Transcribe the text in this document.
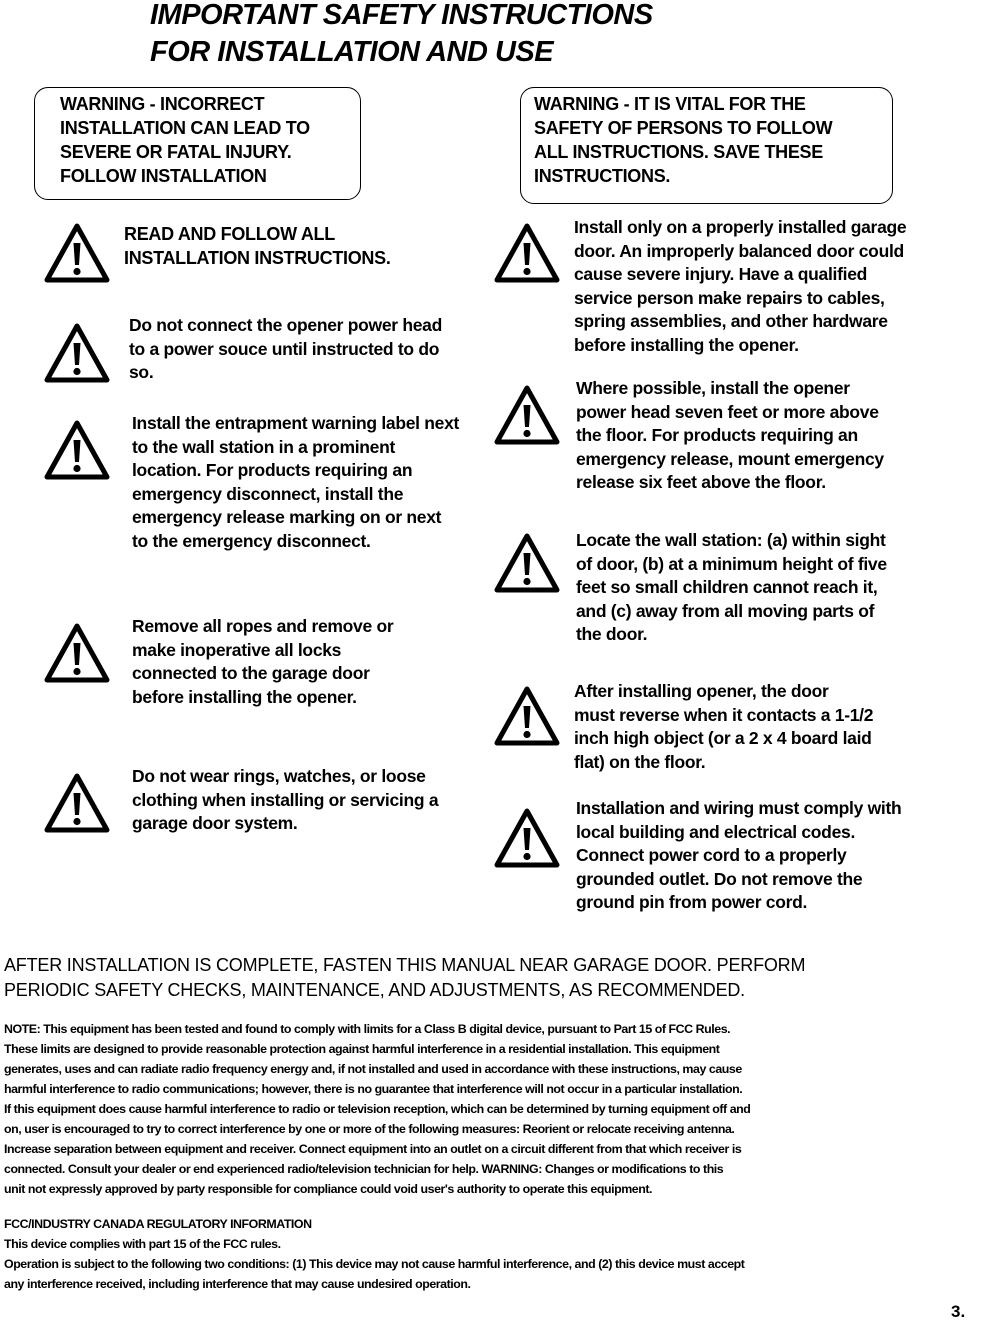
IMPORTANT SAFETY INSTRUCTIONS
FOR INSTALLATION AND USE
WARNING - INCORRECT
INSTALLATION CAN LEAD TO
SEVERE OR FATAL INJURY.
FOLLOW INSTALLATION
WARNING - IT IS VITAL FOR THE
SAFETY OF PERSONS TO FOLLOW
ALL INSTRUCTIONS. SAVE THESE
INSTRUCTIONS.

READ AND FOLLOW ALL
INSTALLATION INSTRUCTIONS.

Do not connect the opener power head
to a power souce until instructed to do
so.

Install the entrapment warning label next
to the wall station in a prominent
location. For products requiring an
emergency disconnect, install the
emergency release marking on or next
to the emergency disconnect.

Remove all ropes and remove or
make inoperative all locks
connected to the garage door
before installing the opener.

Do not wear rings, watches, or loose
clothing when installing or servicing a
garage door system.

Install only on a properly installed garage
door. An improperly balanced door could
cause severe injury. Have a qualified
service person make repairs to cables,
spring assemblies, and other hardware
before installing the opener.

Where possible, install the opener
power head seven feet or more above
the floor. For products requiring an
emergency release, mount emergency
release six feet above the floor.

Locate the wall station: (a) within sight
of door, (b) at a minimum height of five
feet so small children cannot reach it,
and (c) away from all moving parts of
the door.

After installing opener, the door
must reverse when it contacts a 1-1/2
inch high object (or a 2 x 4 board laid
flat) on the floor.

Installation and wiring must comply with
local building and electrical codes.
Connect power cord to a properly
grounded outlet. Do not remove the
ground pin from power cord.

AFTER INSTALLATION IS COMPLETE, FASTEN THIS MANUAL NEAR GARAGE DOOR. PERFORM
PERIODIC SAFETY CHECKS, MAINTENANCE, AND ADJUSTMENTS, AS RECOMMENDED.

NOTE: This equipment has been tested and found to comply with limits for a Class B digital device, pursuant to Part 15 of FCC Rules.
These limits are designed to provide reasonable protection against harmful interference in a residential installation. This equipment
generates, uses and can radiate radio frequency energy and, if not installed and used in accordance with these instructions, may cause
harmful interference to radio communications; however, there is no guarantee that interference will not occur in a particular installation.
If this equipment does cause harmful interference to radio or television reception, which can be determined by turning equipment off and
on, user is encouraged to try to correct interference by one or more of the following measures: Reorient or relocate receiving antenna.
Increase separation between equipment and receiver. Connect equipment into an outlet on a circuit different from that which receiver is
connected. Consult your dealer or end experienced radio/television technician for help. WARNING: Changes or modifications to this
unit not expressly approved by party responsible for compliance could void user's authority to operate this equipment.

FCC/INDUSTRY CANADA REGULATORY INFORMATION
This device complies with part 15 of the FCC rules.
Operation is subject to the following two conditions: (1) This device may not cause harmful interference, and (2) this device must accept
any interference received, including interference that may cause undesired operation.

3.
